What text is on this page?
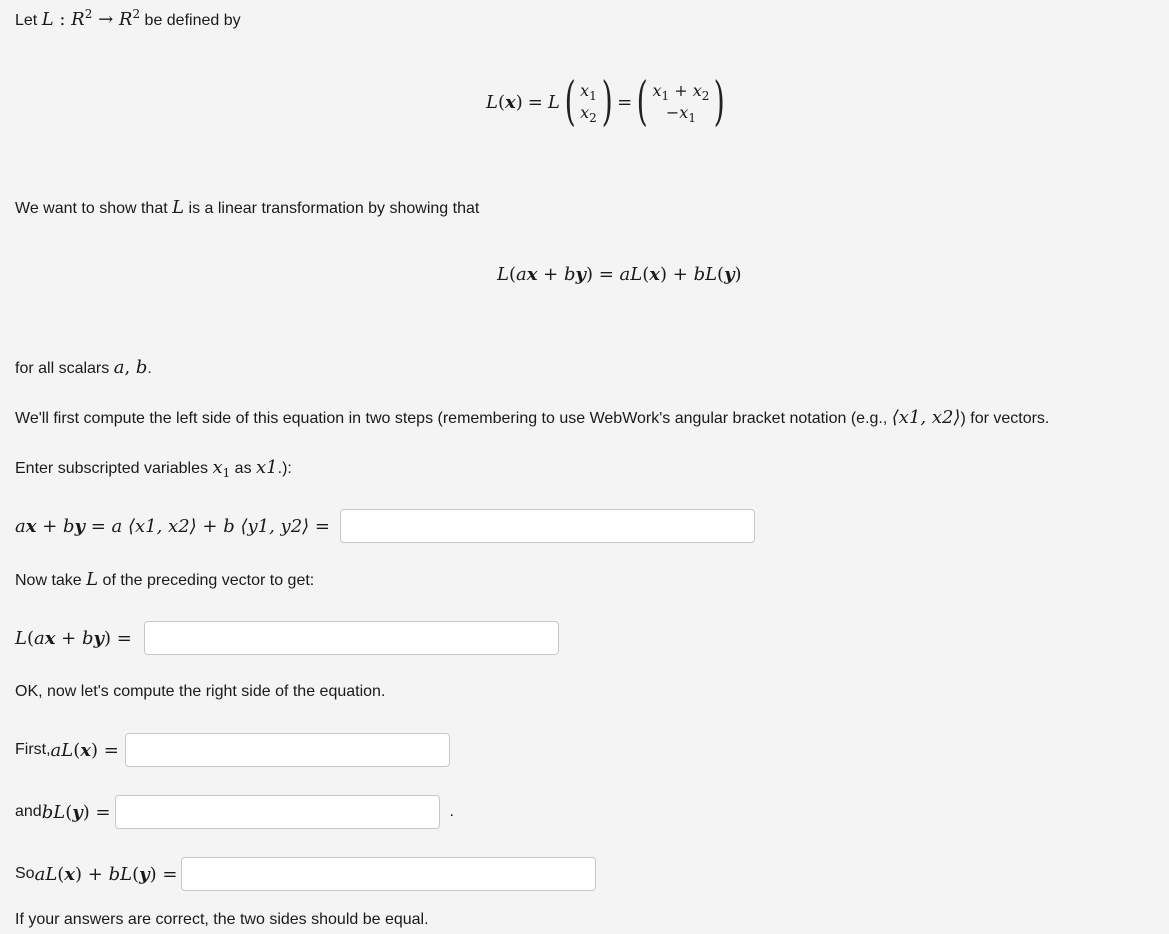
Let L : $R^2 \to R^2$ be defined by
L ( x ) = L ( $x_1$
$x_2$ ) = ( $x_1 + x_2$
$-x_1$ )
We want to show that L is a linear transformation by showing that
L(ax + by) = aL(x) + bL(y)
for all scalars a, b.
We'll first compute the left side of this equation in two steps (remembering to use WebWork's angular bracket notation (e.g., ⟨x1, x2⟩) for vectors.
Enter subscripted variables $x_1$ as x1.):
ax + by = a ⟨x1, x2⟩ + b ⟨y1, y2⟩ =
Now take L of the preceding vector to get:
L(ax + by) =
OK, now let's compute the right side of the equation.
First, aL(x) =
and bL(y) =	.
So aL(x) + bL(y) =
If your answers are correct, the two sides should be equal.
